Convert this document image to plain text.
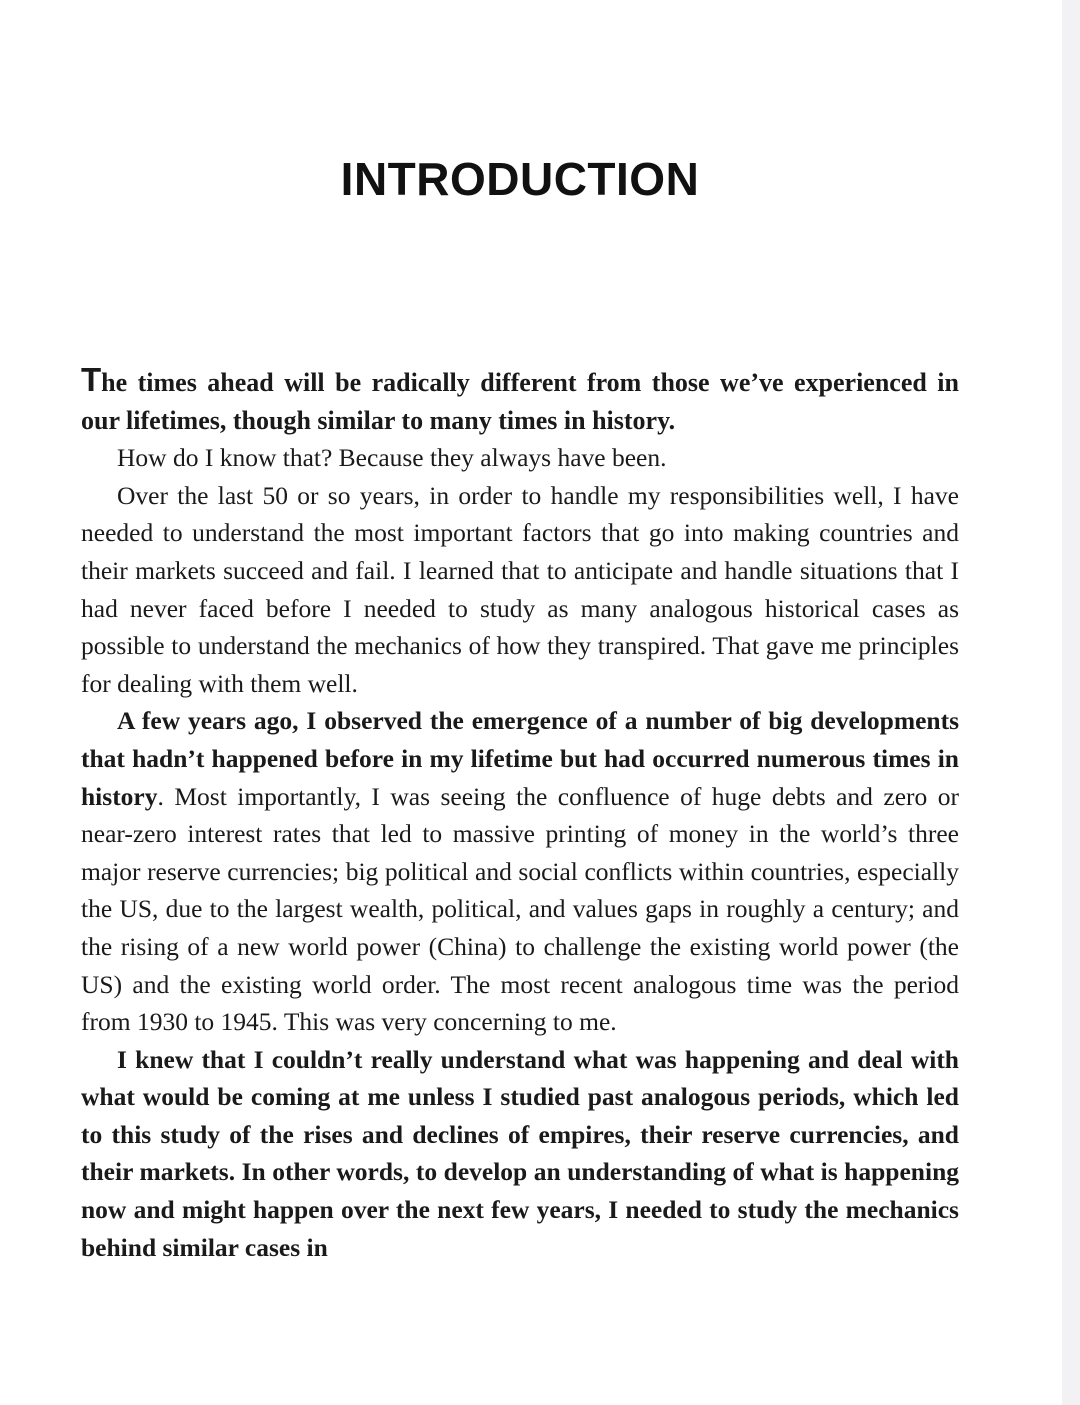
INTRODUCTION

The times ahead will be radically different from those we’ve experienced in our lifetimes, though similar to many times in history.

How do I know that? Because they always have been.

Over the last 50 or so years, in order to handle my responsibilities well, I have needed to understand the most important factors that go into making countries and their markets succeed and fail. I learned that to anticipate and handle situations that I had never faced before I needed to study as many analogous historical cases as possible to understand the mechanics of how they transpired. That gave me principles for dealing with them well.

A few years ago, I observed the emergence of a number of big developments that hadn’t happened before in my lifetime but had occurred numerous times in history. Most importantly, I was seeing the confluence of huge debts and zero or near-zero interest rates that led to massive printing of money in the world’s three major reserve currencies; big political and social conflicts within countries, especially the US, due to the largest wealth, political, and values gaps in roughly a century; and the rising of a new world power (China) to challenge the existing world power (the US) and the existing world order. The most recent analogous time was the period from 1930 to 1945. This was very concerning to me.

I knew that I couldn’t really understand what was happening and deal with what would be coming at me unless I studied past analogous periods, which led to this study of the rises and declines of empires, their reserve currencies, and their markets. In other words, to develop an understanding of what is happening now and might happen over the next few years, I needed to study the mechanics behind similar cases in
